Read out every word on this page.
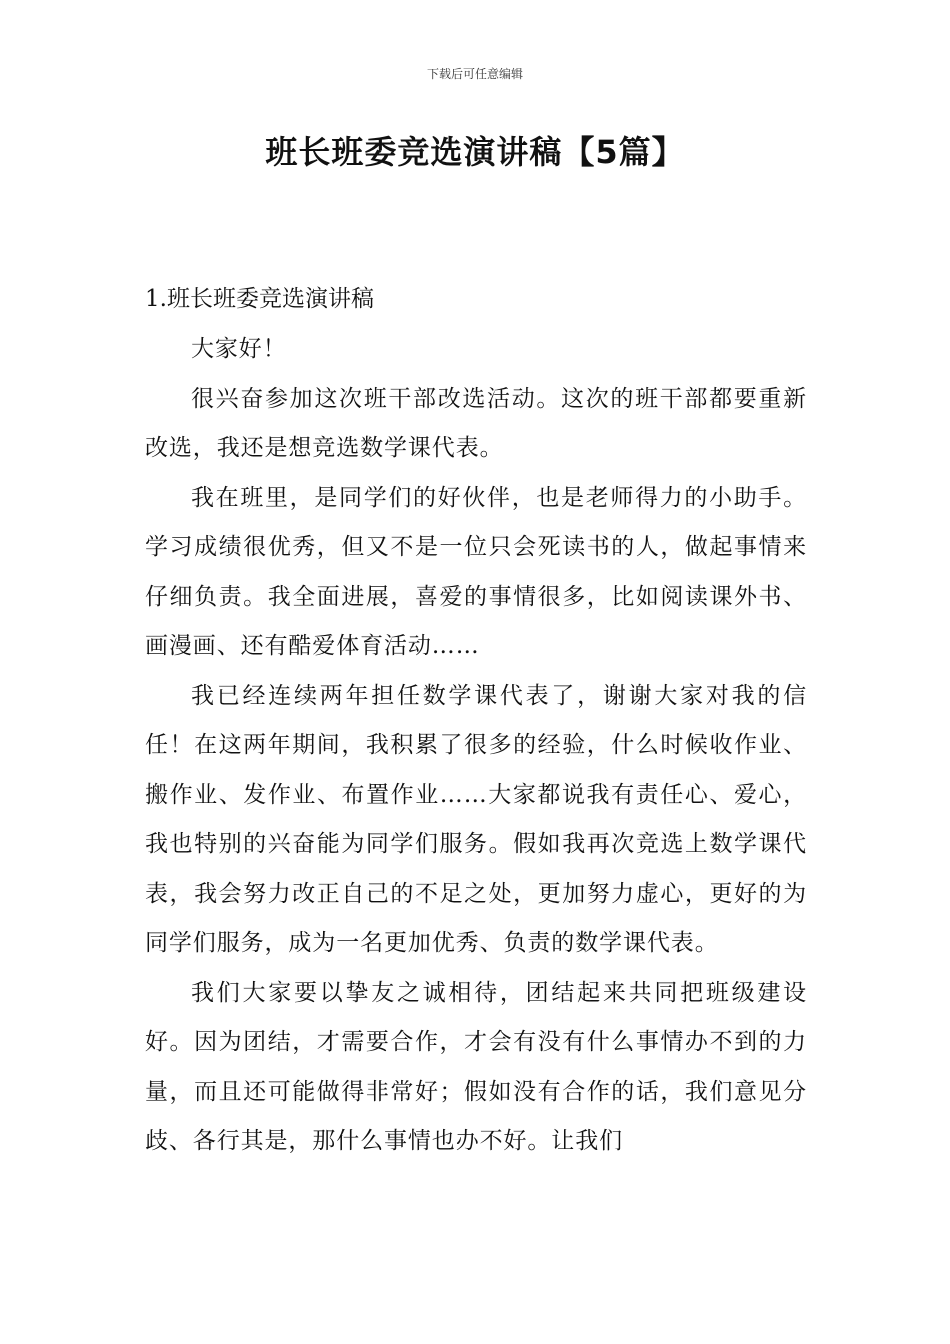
下载后可任意编辑
班长班委竞选演讲稿【5篇】

1.班长班委竞选演讲稿

大家好！

很兴奋参加这次班干部改选活动。这次的班干部都要重新改选，我还是想竞选数学课代表。

我在班里，是同学们的好伙伴，也是老师得力的小助手。学习成绩很优秀，但又不是一位只会死读书的人，做起事情来仔细负责。我全面进展，喜爱的事情很多，比如阅读课外书、画漫画、还有酷爱体育活动……

我已经连续两年担任数学课代表了，谢谢大家对我的信任！在这两年期间，我积累了很多的经验，什么时候收作业、搬作业、发作业、布置作业……大家都说我有责任心、爱心，我也特别的兴奋能为同学们服务。假如我再次竞选上数学课代表，我会努力改正自己的不足之处，更加努力虚心，更好的为同学们服务，成为一名更加优秀、负责的数学课代表。

我们大家要以挚友之诚相待，团结起来共同把班级建设好。因为团结，才需要合作，才会有没有什么事情办不到的力量，而且还可能做得非常好；假如没有合作的话，我们意见分歧、各行其是，那什么事情也办不好。让我们
